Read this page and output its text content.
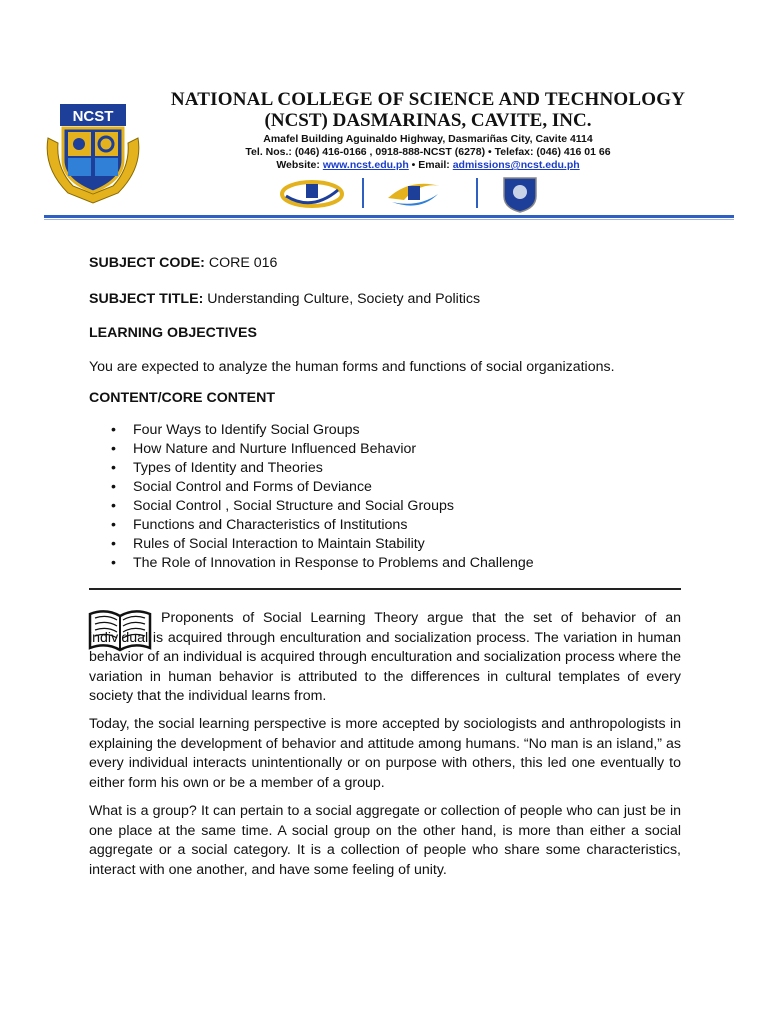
NCST
NATIONAL COLLEGE OF SCIENCE AND TECHNOLOGY
(NCST) DASMARINAS, CAVITE, INC.
Amafel Building Aguinaldo Highway, Dasmariñas City, Cavite 4114
Tel. Nos.: (046) 416-0166 , 0918-888-NCST (6278) • Telefax: (046) 416 01 66
Website: www.ncst.edu.ph • Email: admissions@ncst.edu.ph
SUBJECT CODE: CORE 016
SUBJECT TITLE: Understanding Culture, Society and Politics
LEARNING OBJECTIVES
You are expected to analyze the human forms and functions of social organizations.
CONTENT/CORE CONTENT
• Four Ways to Identify Social Groups
• How Nature and Nurture Influenced Behavior
• Types of Identity and Theories
• Social Control and Forms of Deviance
• Social Control , Social Structure and Social Groups
• Functions and Characteristics of Institutions
• Rules of Social Interaction to Maintain Stability
• The Role of Innovation in Response to Problems and Challenge
Proponents of Social Learning Theory argue that the set of behavior of an individual is acquired through enculturation and socialization process. The variation in human behavior of an individual is acquired through enculturation and socialization process where the variation in human behavior is attributed to the differences in cultural templates of every society that the individual learns from.
Today, the social learning perspective is more accepted by sociologists and anthropologists in explaining the development of behavior and attitude among humans. “No man is an island,” as every individual interacts unintentionally or on purpose with others, this led one eventually to either form his own or be a member of a group.
What is a group? It can pertain to a social aggregate or collection of people who can just be in one place at the same time. A social group on the other hand, is more than either a social aggregate or a social category. It is a collection of people who share some characteristics, interact with one another, and have some feeling of unity.
